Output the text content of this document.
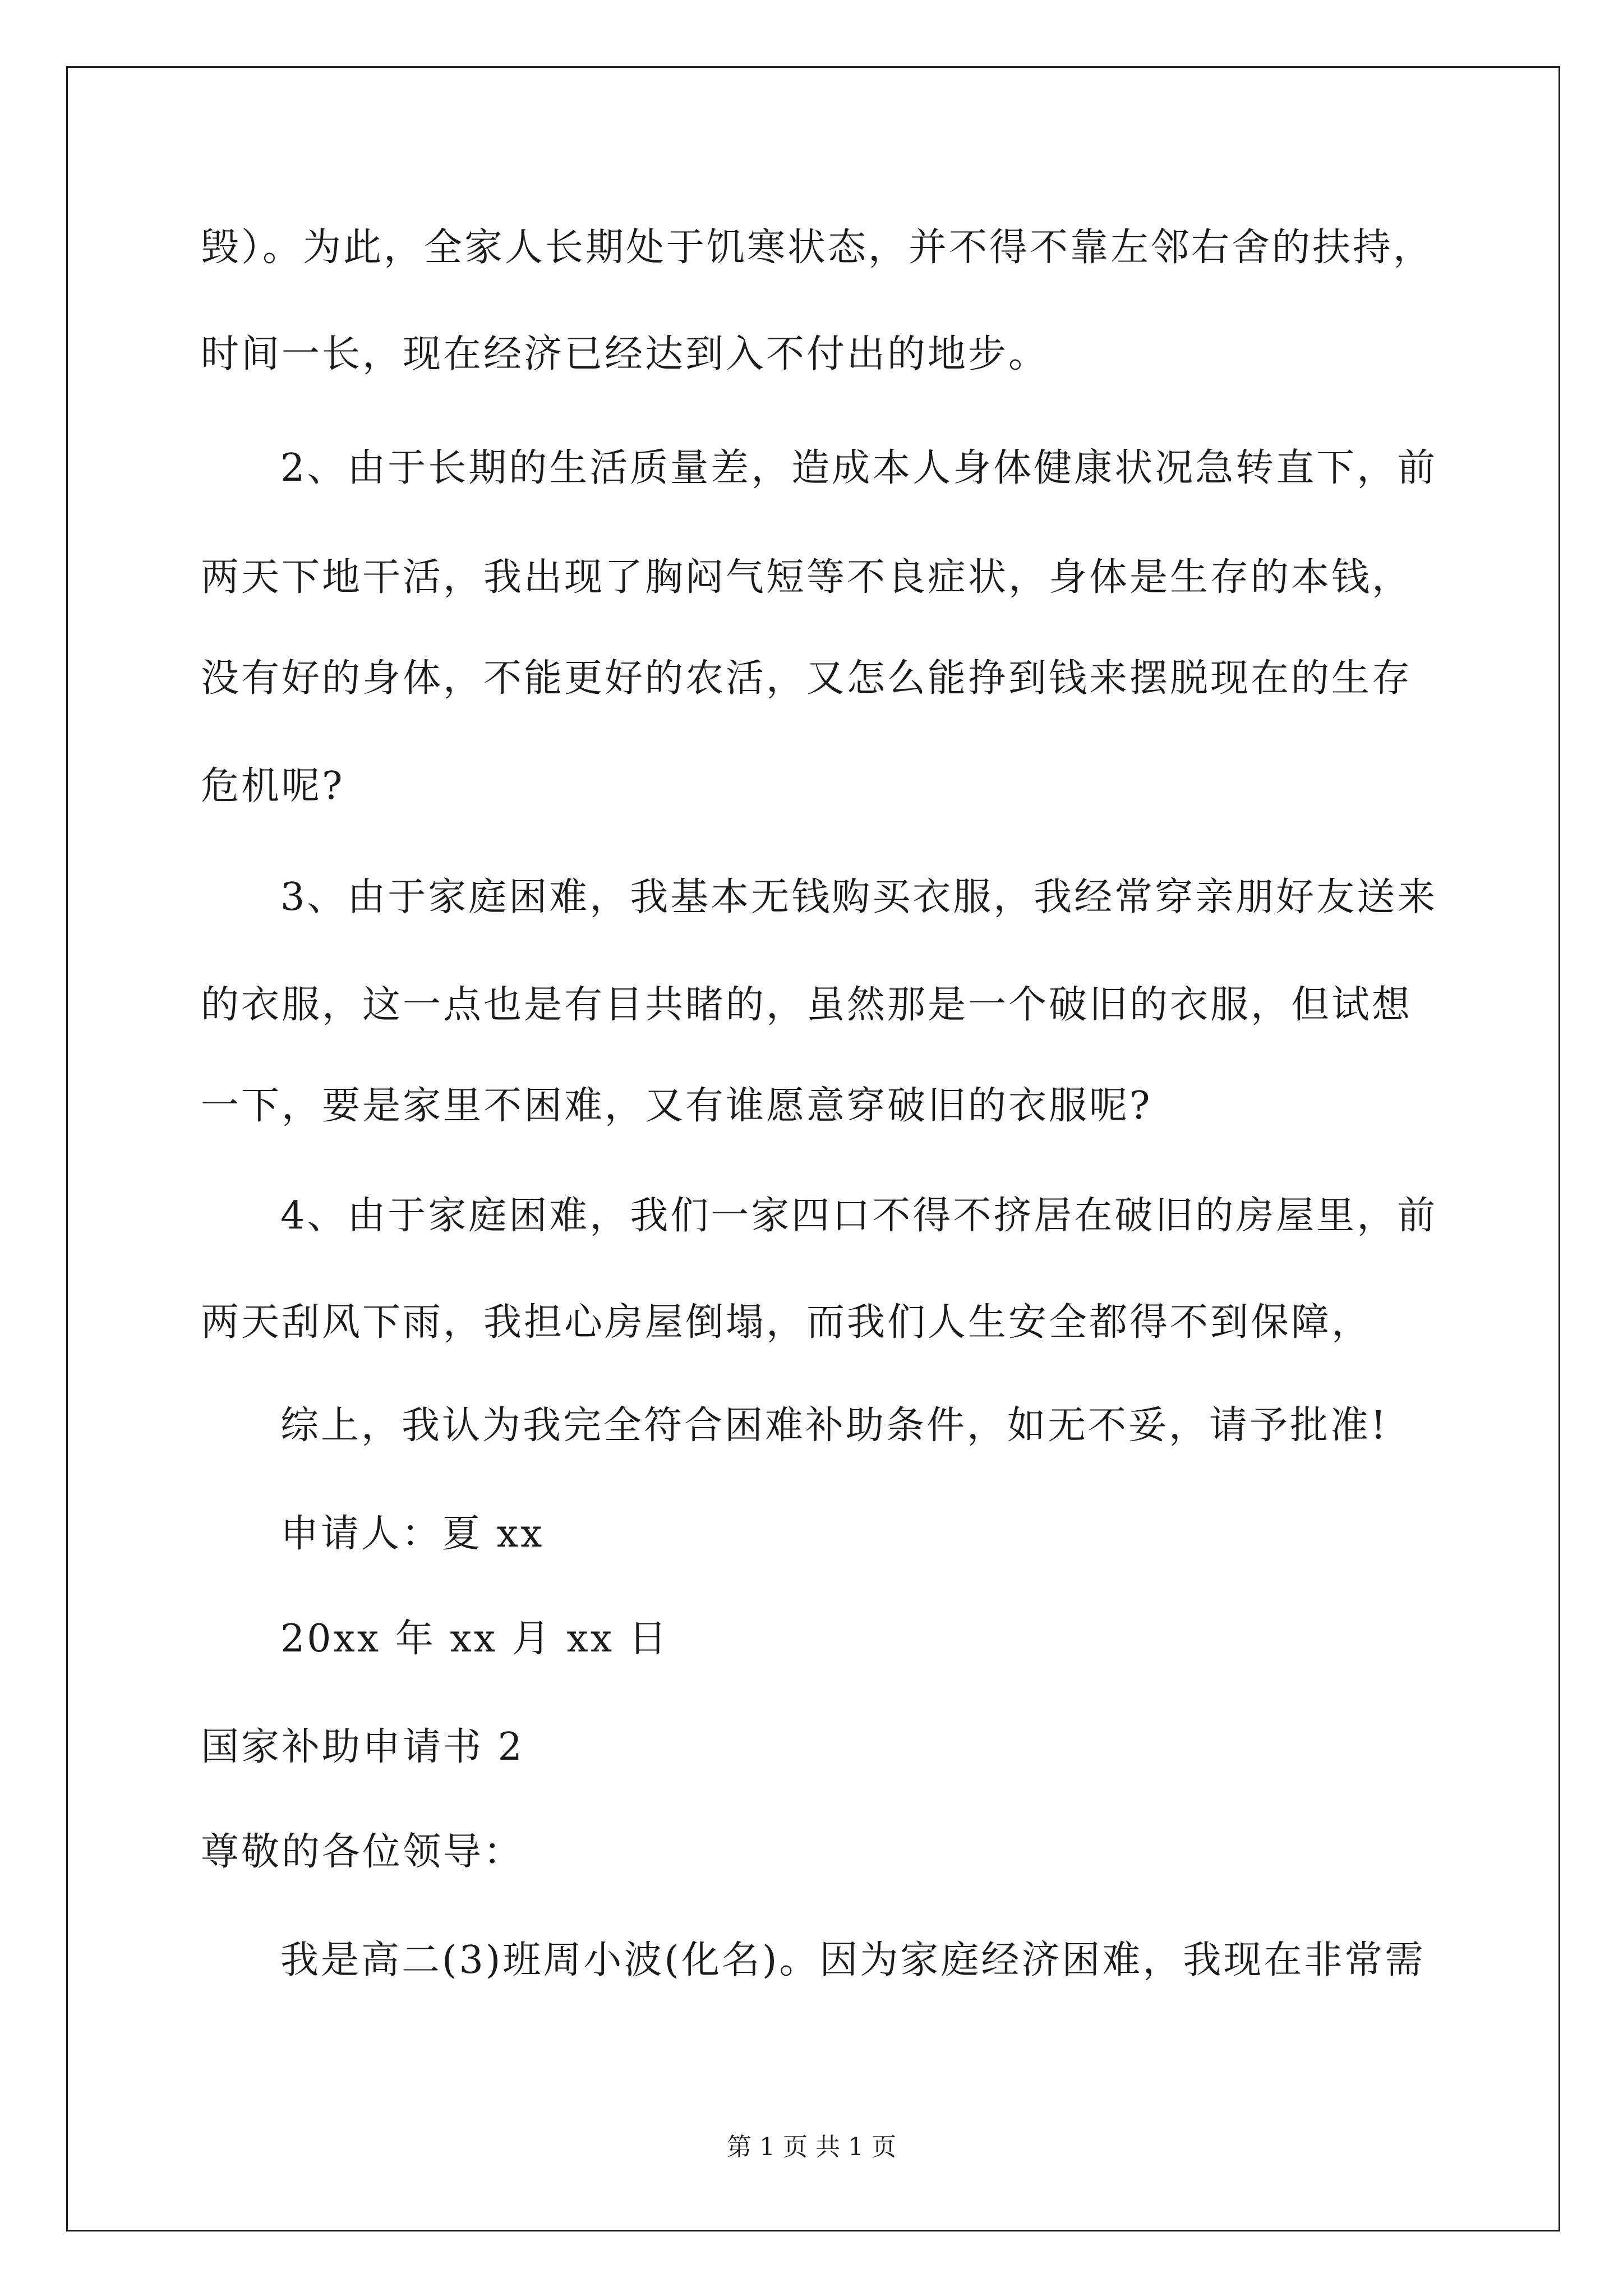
毁）。为此，全家人长期处于饥寒状态，并不得不靠左邻右舍的扶持，
时间一长，现在经济已经达到入不付出的地步。
2、由于长期的生活质量差，造成本人身体健康状况急转直下，前
两天下地干活，我出现了胸闷气短等不良症状，身体是生存的本钱，
没有好的身体，不能更好的农活，又怎么能挣到钱来摆脱现在的生存
危机呢?
3、由于家庭困难，我基本无钱购买衣服，我经常穿亲朋好友送来
的衣服，这一点也是有目共睹的，虽然那是一个破旧的衣服，但试想
一下，要是家里不困难，又有谁愿意穿破旧的衣服呢?
4、由于家庭困难，我们一家四口不得不挤居在破旧的房屋里，前
两天刮风下雨，我担心房屋倒塌，而我们人生安全都得不到保障，
综上，我认为我完全符合困难补助条件，如无不妥，请予批准!
申请人：夏 xx
20xx 年 xx 月 xx 日
国家补助申请书 2
尊敬的各位领导：
我是高二(3)班周小波(化名)。因为家庭经济困难，我现在非常需
第 1 页 共 1 页
